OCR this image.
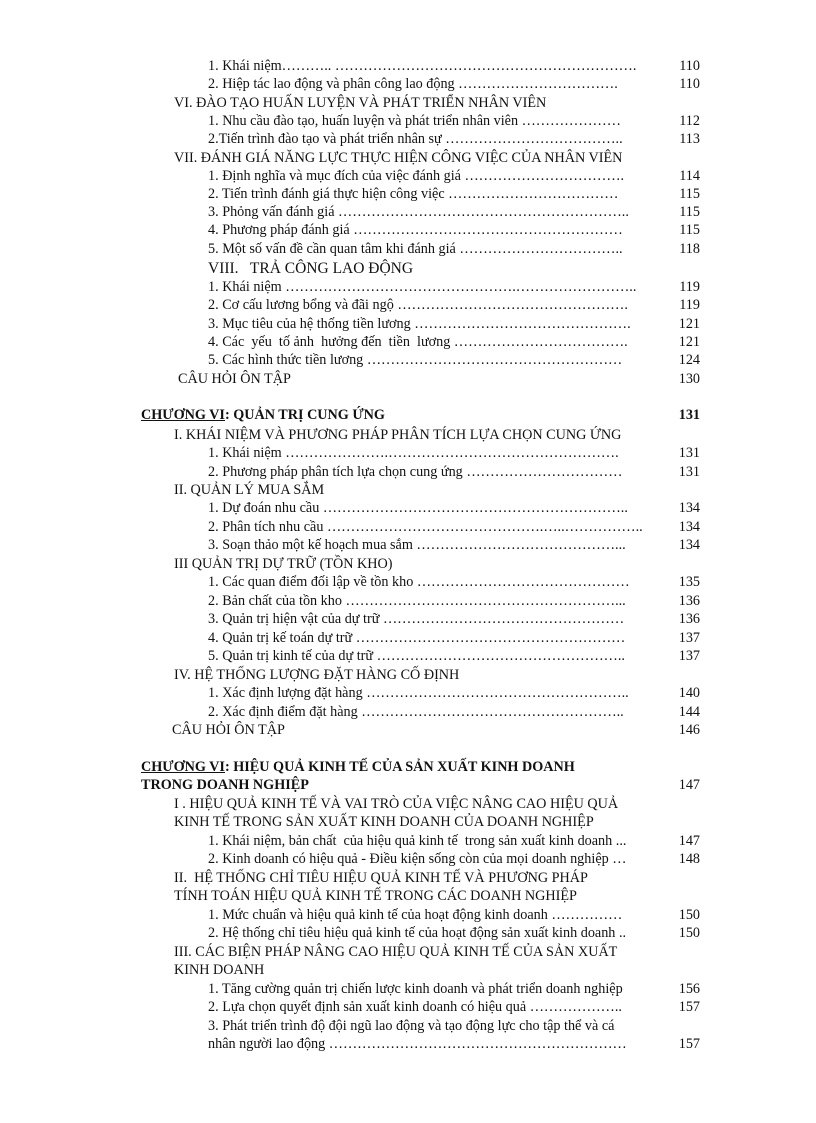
1. Khái niệm……….. ……………………………………………………….	110
2. Hiệp tác lao động và phân công lao động …………………………….	110
VI. ĐÀO TẠO HUẤN LUYỆN VÀ PHÁT TRIỂN NHÂN VIÊN
1. Nhu cầu đào tạo, huấn luyện và phát triển nhân viên …………………	112
2.Tiến trình đào tạo và phát triển nhân sự ………………………………..	113
VII. ĐÁNH GIÁ NĂNG LỰC THỰC HIỆN CÔNG VIỆC CỦA NHÂN VIÊN
1. Định nghĩa và mục đích của việc đánh giá …………………………….	114
2. Tiến trình đánh giá thực hiện công việc ………………………………	115
3. Phỏng vấn đánh giá ……………………………………………………..	115
4. Phương pháp đánh giá …………………………………………………	115
5. Một số vấn đề cần quan tâm khi đánh giá ……………………………..	118
VIII.   TRẢ CÔNG LAO ĐỘNG
1. Khái niệm ………………………………………….……………………..	119
2. Cơ cấu lương bổng và đãi ngộ ………………………………………….	119
3. Mục tiêu của hệ thống tiền lương ……………………………………….	121
4. Các  yếu  tố ảnh  hưởng đến  tiền  lương ……………………………….	121
5. Các hình thức tiền lương ………………………………………………	124
CÂU HỎI ÔN TẬP	130
CHƯƠNG VI: QUẢN TRỊ CUNG ỨNG	131
I. KHÁI NIỆM VÀ PHƯƠNG PHÁP PHÂN TÍCH LỰA CHỌN CUNG ỨNG
1. Khái niệm ………………….………………………………………….	131
2. Phương pháp phân tích lựa chọn cung ứng ……………………………	131
II. QUẢN LÝ MUA SẮM
1. Dự đoán nhu cầu ………………………………………………………..	134
2. Phân tích nhu cầu ……………………………………….…..……………..	134
3. Soạn thảo một kế hoạch mua sắm ……………………………………...	134
III QUẢN TRỊ DỰ TRỮ (TỒN KHO)
1. Các quan điểm đối lập về tồn kho ………………………………………	135
2. Bản chất của tồn kho …………………………………………………...	136
3. Quản trị hiện vật của dự trữ ……………………………………………	136
4. Quản trị kế toán dự trữ …………………………………………………	137
5. Quản trị kinh tế của dự trữ ……………………………………………..	137
IV. HỆ THỐNG LƯỢNG ĐẶT HÀNG CỐ ĐỊNH
1. Xác định lượng đặt hàng ………………………………………………..	140
2. Xác định điểm đặt hàng ………………………………………………..	144
CÂU HỎI ÔN TẬP	146
CHƯƠNG VI: HIỆU QUẢ KINH TẾ CỦA SẢN XUẤT KINH DOANH
TRONG DOANH NGHIỆP	147
I . HIỆU QUẢ KINH TẾ VÀ VAI TRÒ CỦA VIỆC NÂNG CAO HIỆU QUẢ
KINH TẾ TRONG SẢN XUẤT KINH DOANH CỦA DOANH NGHIỆP
1. Khái niệm, bản chất  của hiệu quả kinh tế  trong sản xuất kinh doanh ...	147
2. Kinh doanh có hiệu quả - Điều kiện sống còn của mọi doanh nghiệp …	148
II.  HỆ THỐNG CHỈ TIÊU HIỆU QUẢ KINH TẾ VÀ PHƯƠNG PHÁP
TÍNH TOÁN HIỆU QUẢ KINH TẾ TRONG CÁC DOANH NGHIỆP
1. Mức chuẩn và hiệu quả kinh tế của hoạt động kinh doanh ……………	150
2. Hệ thống chỉ tiêu hiệu quả kinh tế của hoạt động sản xuất kinh doanh ..	150
III. CÁC BIỆN PHÁP NÂNG CAO HIỆU QUẢ KINH TẾ CỦA SẢN XUẤT
KINH DOANH
1. Tăng cường quản trị chiến lược kinh doanh và phát triển doanh nghiệp	156
2. Lựa chọn quyết định sản xuất kinh doanh có hiệu quả ………………..	157
3. Phát triển trình độ đội ngũ lao động và tạo động lực cho tập thể và cá
nhân người lao động ………………………………………………………	157
